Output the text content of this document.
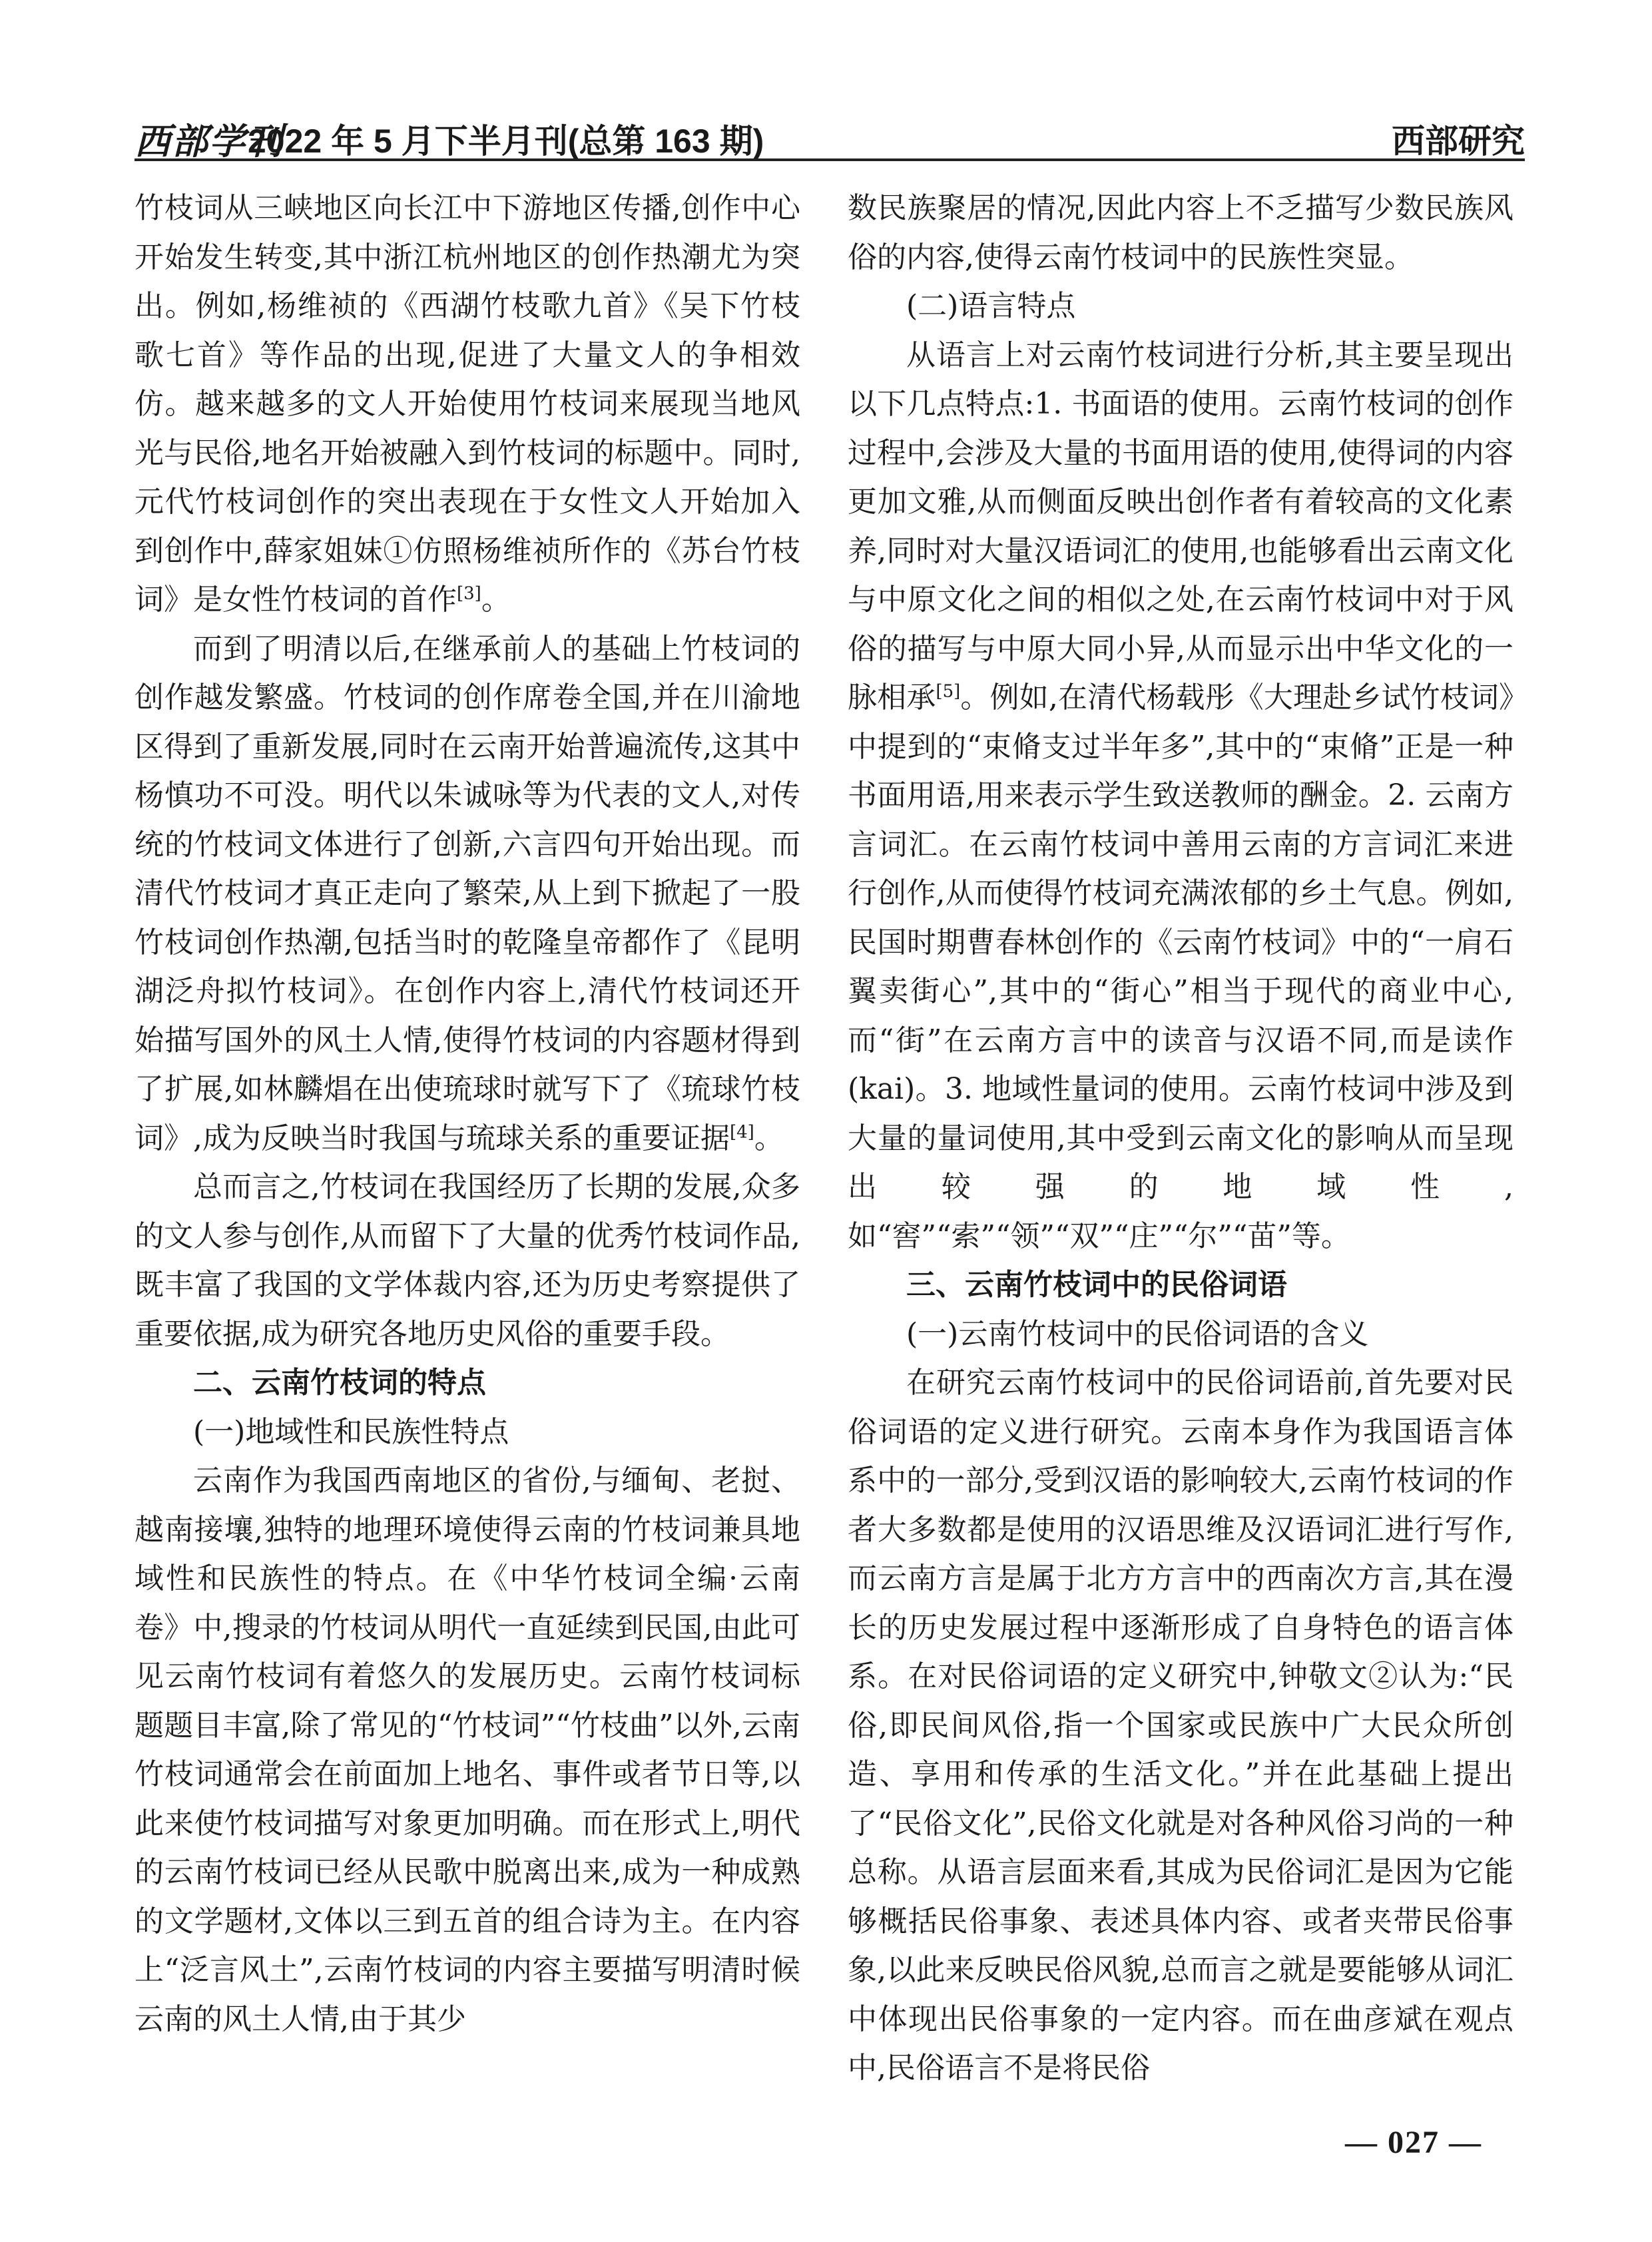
西部学刊
2022 年 5 月下半月刊(总第 163 期)	西部研究

竹枝词从三峡地区向长江中下游地区传播,创作中心开始发生转变,其中浙江杭州地区的创作热潮尤为突出。例如,杨维祯的《西湖竹枝歌九首》《吴下竹枝歌七首》等作品的出现,促进了大量文人的争相效仿。越来越多的文人开始使用竹枝词来展现当地风光与民俗,地名开始被融入到竹枝词的标题中。同时,元代竹枝词创作的突出表现在于女性文人开始加入到创作中,薛家姐妹①仿照杨维祯所作的《苏台竹枝词》是女性竹枝词的首作[3]。

而到了明清以后,在继承前人的基础上竹枝词的创作越发繁盛。竹枝词的创作席卷全国,并在川渝地区得到了重新发展,同时在云南开始普遍流传,这其中杨慎功不可没。明代以朱诚咏等为代表的文人,对传统的竹枝词文体进行了创新,六言四句开始出现。而清代竹枝词才真正走向了繁荣,从上到下掀起了一股竹枝词创作热潮,包括当时的乾隆皇帝都作了《昆明湖泛舟拟竹枝词》。在创作内容上,清代竹枝词还开始描写国外的风土人情,使得竹枝词的内容题材得到了扩展,如林麟焻在出使琉球时就写下了《琉球竹枝词》,成为反映当时我国与琉球关系的重要证据[4]。

总而言之,竹枝词在我国经历了长期的发展,众多的文人参与创作,从而留下了大量的优秀竹枝词作品,既丰富了我国的文学体裁内容,还为历史考察提供了重要依据,成为研究各地历史风俗的重要手段。

二、云南竹枝词的特点

(一)地域性和民族性特点

云南作为我国西南地区的省份,与缅甸、老挝、越南接壤,独特的地理环境使得云南的竹枝词兼具地域性和民族性的特点。在《中华竹枝词全编·云南卷》中,搜录的竹枝词从明代一直延续到民国,由此可见云南竹枝词有着悠久的发展历史。云南竹枝词标题题目丰富,除了常见的“竹枝词”“竹枝曲”以外,云南竹枝词通常会在前面加上地名、事件或者节日等,以此来使竹枝词描写对象更加明确。而在形式上,明代的云南竹枝词已经从民歌中脱离出来,成为一种成熟的文学题材,文体以三到五首的组合诗为主。在内容上“泛言风土”,云南竹枝词的内容主要描写明清时候云南的风土人情,由于其少

数民族聚居的情况,因此内容上不乏描写少数民族风俗的内容,使得云南竹枝词中的民族性突显。

(二)语言特点

从语言上对云南竹枝词进行分析,其主要呈现出以下几点特点:1. 书面语的使用。云南竹枝词的创作过程中,会涉及大量的书面用语的使用,使得词的内容更加文雅,从而侧面反映出创作者有着较高的文化素养,同时对大量汉语词汇的使用,也能够看出云南文化与中原文化之间的相似之处,在云南竹枝词中对于风俗的描写与中原大同小异,从而显示出中华文化的一脉相承[5]。例如,在清代杨载彤《大理赴乡试竹枝词》中提到的“束脩支过半年多”,其中的“束脩”正是一种书面用语,用来表示学生致送教师的酬金。2. 云南方言词汇。在云南竹枝词中善用云南的方言词汇来进行创作,从而使得竹枝词充满浓郁的乡土气息。例如,民国时期曹春林创作的《云南竹枝词》中的“一肩石翼卖街心”,其中的“街心”相当于现代的商业中心,而“街”在云南方言中的读音与汉语不同,而是读作(kai)。3. 地域性量词的使用。云南竹枝词中涉及到大量的量词使用,其中受到云南文化的影响从而呈现出较强的地域性,如“窖”“索”“领”“双”“庄”“尔”“苗”等。

三、云南竹枝词中的民俗词语

(一)云南竹枝词中的民俗词语的含义

在研究云南竹枝词中的民俗词语前,首先要对民俗词语的定义进行研究。云南本身作为我国语言体系中的一部分,受到汉语的影响较大,云南竹枝词的作者大多数都是使用的汉语思维及汉语词汇进行写作,而云南方言是属于北方方言中的西南次方言,其在漫长的历史发展过程中逐渐形成了自身特色的语言体系。在对民俗词语的定义研究中,钟敬文②认为:“民俗,即民间风俗,指一个国家或民族中广大民众所创造、享用和传承的生活文化。”并在此基础上提出了“民俗文化”,民俗文化就是对各种风俗习尚的一种总称。从语言层面来看,其成为民俗词汇是因为它能够概括民俗事象、表述具体内容、或者夹带民俗事象,以此来反映民俗风貌,总而言之就是要能够从词汇中体现出民俗事象的一定内容。而在曲彦斌在观点中,民俗语言不是将民俗

— 027 —
